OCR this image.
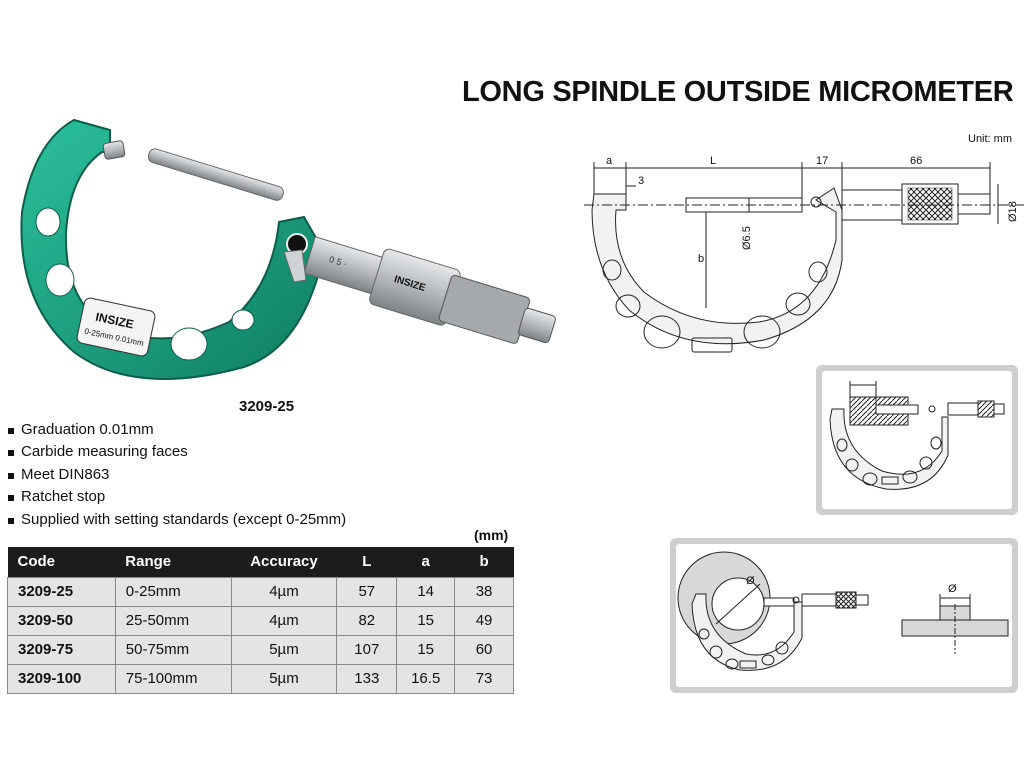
LONG SPINDLE OUTSIDE MICROMETER
Unit: mm
INSIZE
0-25mm 0.01mm
0 5 ·
INSIZE
3209-25
Graduation 0.01mm
Carbide measuring faces
Meet DIN863
Ratchet stop
Supplied with setting standards (except 0-25mm)
(mm)
Code	Range	Accuracy	L	a	b
3209-25	0-25mm	4µm	57	14	38
3209-50	25-50mm	4µm	82	15	49
3209-75	50-75mm	5µm	107	15	60
3209-100	75-100mm	5µm	133	16.5	73
a	L
3
17	66
b
Ø6.5
Ø18
Ø
Ø
